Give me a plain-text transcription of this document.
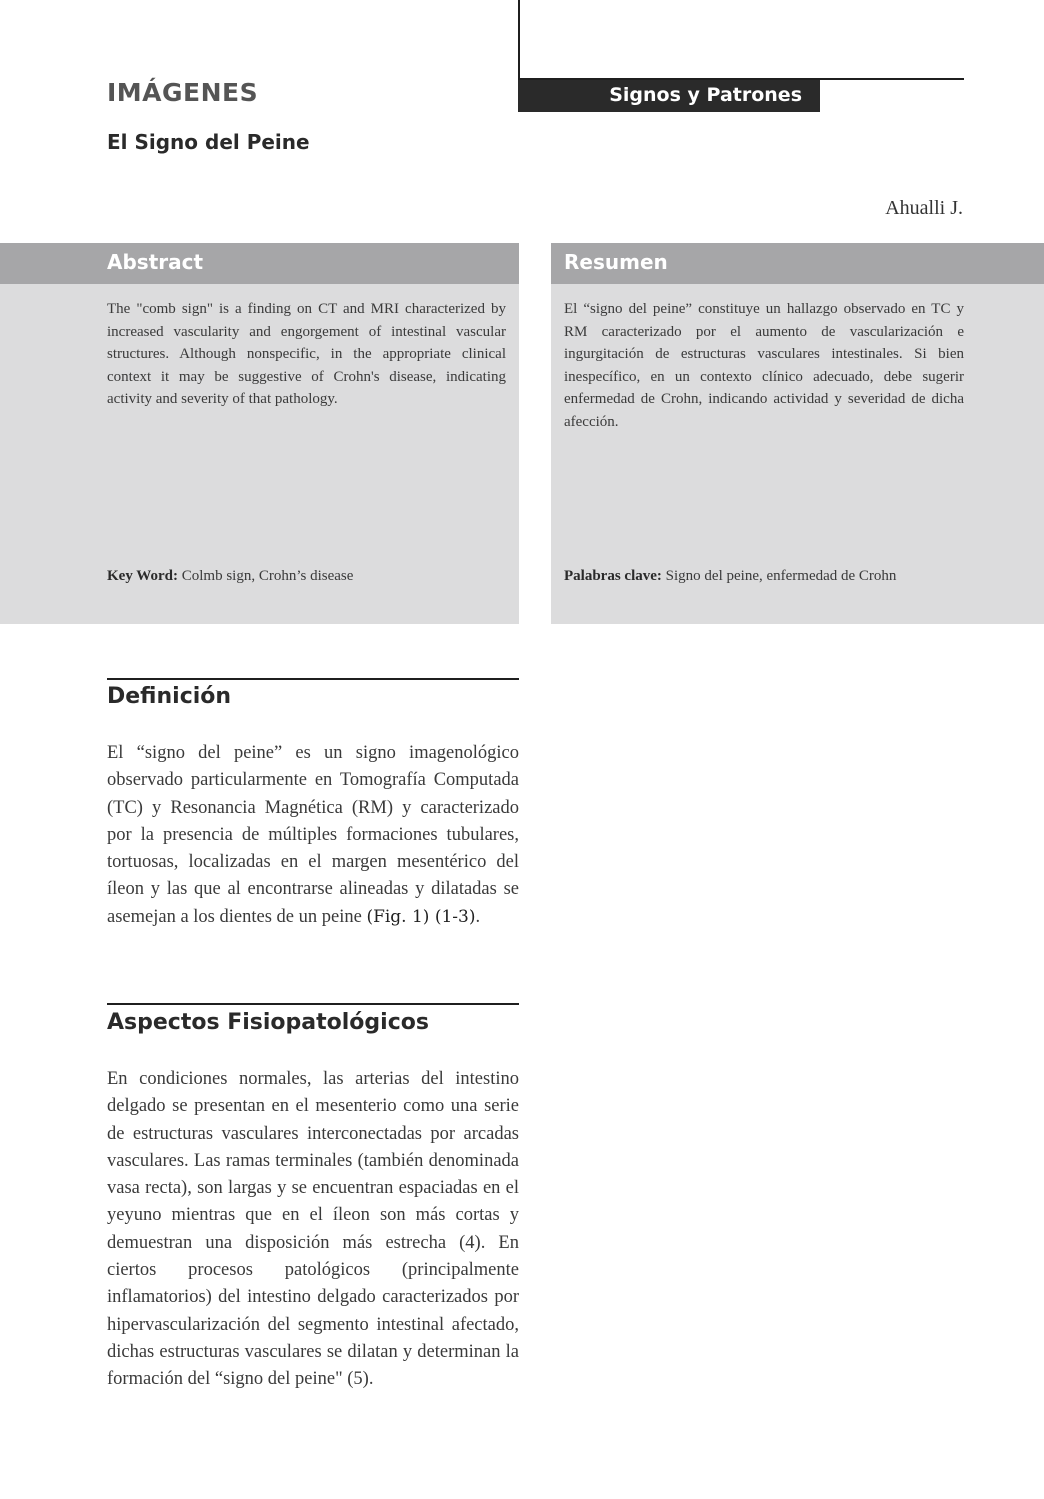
Signos y Patrones
IMÁGENES
El Signo del Peine
Ahualli J.
Abstract
The "comb sign" is a finding on CT and MRI characterized by increased vascularity and engorgement of intestinal vascular structures. Although nonspecific, in the appropriate clinical context it may be suggestive of Crohn's disease, indicating activity and severity of that pathology.
Key Word: Colmb sign, Crohn’s disease
Resumen
El “signo del peine” constituye un hallazgo observado en TC y RM caracterizado por el aumento de vascularización e ingurgitación de estructuras vasculares intestinales. Si bien inespecífico, en un contexto clínico adecuado, debe sugerir enfermedad de Crohn, indicando actividad y severidad de dicha afección.
Palabras clave: Signo del peine, enfermedad de Crohn
Definición
El “signo del peine” es un signo imagenológico observado particularmente en Tomografía Computada (TC) y Resonancia Magnética (RM) y caracterizado por la presencia de múltiples formaciones tubulares, tortuosas, localizadas en el margen mesentérico del íleon y las que al encontrarse alineadas y dilatadas se asemejan a los dientes de un peine (Fig. 1) (1-3).
Aspectos Fisiopatológicos
En condiciones normales, las arterias del intestino delgado se presentan en el mesenterio como una serie de estructuras vasculares interconectadas por arcadas vasculares. Las ramas terminales (también denominada vasa recta), son largas y se encuentran espaciadas en el yeyuno mientras que en el íleon son más cortas y demuestran una disposición más estrecha (4). En ciertos procesos patológicos (principalmente inflamatorios) del intestino delgado caracterizados por hipervascularización del segmento intestinal afectado, dichas estructuras vasculares se dilatan y determinan la formación del “signo del peine" (5).
